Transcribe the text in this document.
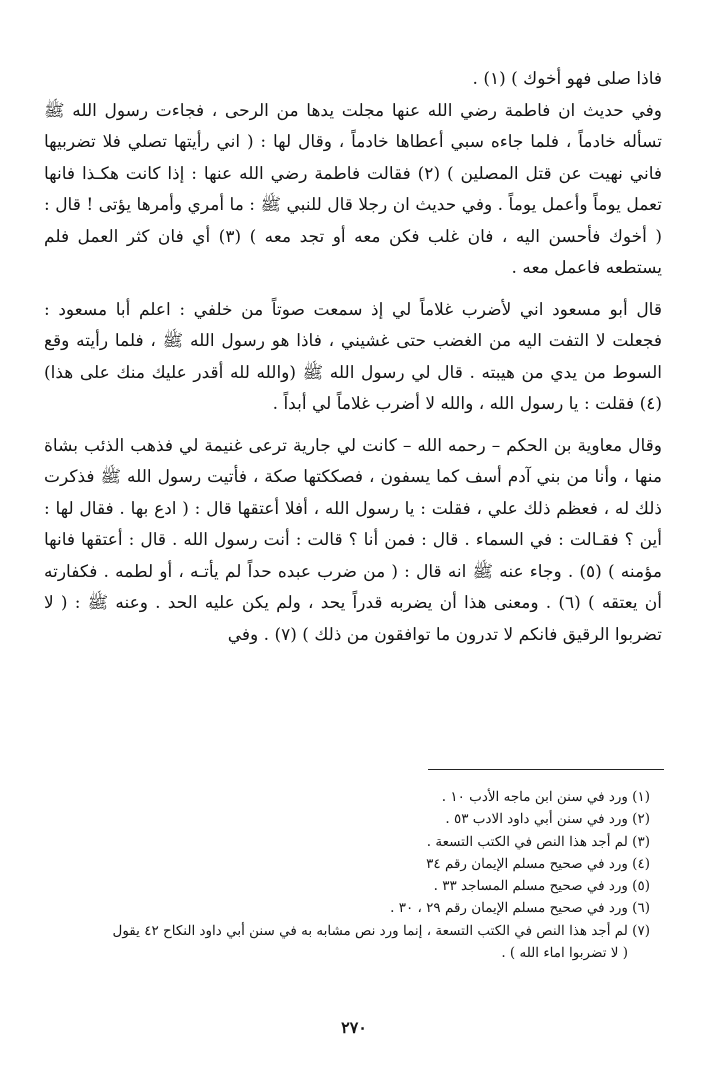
فاذا صلى فهو أخوك ) (١) .

وفي حديث ان فاطمة رضي الله عنها مجلت يدها من الرحى ، فجاءت رسول الله ﷺ تسأله خادماً ، فلما جاءه سبي أعطاها خادماً ، وقال لها : ( اني رأيتها تصلي فلا تضربيها فاني نهيت عن قتل المصلين ) (٢) فقالت فاطمة رضي الله عنها : إذا كانت هكـذا فانها تعمل يوماً وأعمل يوماً . وفي حديث ان رجلا قال للنبي ﷺ : ما أمري وأمرها يؤتى ! قال : ( أخوك فأحسن اليه ، فان غلب فكن معه أو تجد معه ) (٣) أي فان كثر العمل فلم يستطعه فاعمل معه .

قال أبو مسعود اني لأضرب غلاماً لي إذ سمعت صوتاً من خلفي : اعلم أبا مسعود : فجعلت لا التفت اليه من الغضب حتى غشيني ، فاذا هو رسول الله ﷺ ، فلما رأيته وقع السوط من يدي من هيبته . قال لي رسول الله ﷺ (والله لله أقدر عليك منك على هذا) (٤) فقلت : يا رسول الله ، والله لا أضرب غلاماً لي أبداً .

وقال معاوية بن الحكم – رحمه الله – كانت لي جارية ترعى غنيمة لي فذهب الذئب بشاة منها ، وأنا من بني آدم أسف كما يسفون ، فصككتها صكة ، فأتيت رسول الله ﷺ فذكرت ذلك له ، فعظم ذلك علي ، فقلت : يا رسول الله ، أفلا أعتقها قال : ( ادع بها . فقال لها : أين ؟ فقـالت : في السماء . قال : فمن أنا ؟ قالت : أنت رسول الله . قال : أعتقها فانها مؤمنه ) (٥) . وجاء عنه ﷺ انه قال : ( من ضرب عبده حداً لم يأتـه ، أو لطمه . فكفارته أن يعتقه ) (٦) . ومعنى هذا أن يضربه قدراً يحد ، ولم يكن عليه الحد . وعنه ﷺ : ( لا تضربوا الرقيق فانكم لا تدرون ما توافقون من ذلك ) (٧) . وفي

(١) ورد في سنن ابن ماجه الأدب ١٠ .
(٢) ورد في سنن أبي داود الادب ٥٣ .
(٣) لم أجد هذا النص في الكتب التسعة .
(٤) ورد في صحيح مسلم الإيمان رقم ٣٤
(٥) ورد في صحيح مسلم المساجد ٣٣ .
(٦) ورد في صحيح مسلم الإيمان رقم ٢٩ ، ٣٠ .
(٧) لم أجد هذا النص في الكتب التسعة ، إنما ورد نص مشابه به في سنن أبي داود النكاح ٤٢ يقول
( لا تضربوا اماء الله ) .
٢٧٠
